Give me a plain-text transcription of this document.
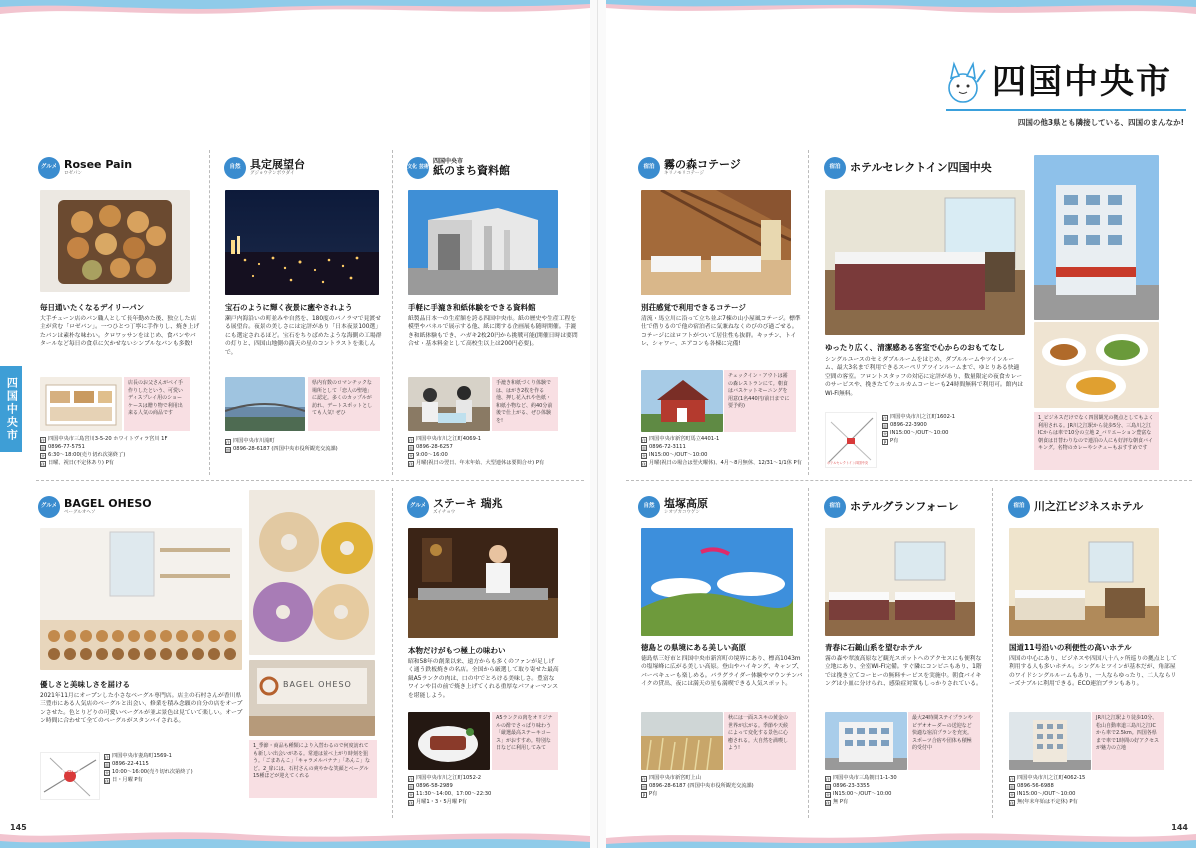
四国中央市
145
グルメ Rosee Pain
ロゼパン
毎日通いたくなるデイリーパン
大手チェーン店のパン職人として長年勤めた後、独立した店主が営む「ロゼパン」。一つひとつ丁寧に手作りし、焼き上げたパンは素朴な味わい。クロワッサンをはじめ、食パンやバタールなど毎日の食卓に欠かせないシンプルなパンも多数!
店長のお父さんがペイ手作りしたという、可愛いディスプレイ用のショーケースは贈り物で利用出来る人気の商品です
住 四国中央市三島宮川3-5-20 ホワイトヴィラ宮川 1F
電 0896-77-5751
営 6:30〜18:00(売り切れ次第終了)
休 日曜、祝日(不定休あり) P有
自然 具定展望台
グジョウテンボウダイ
宝石のように輝く夜景に癒やされよう
瀬戸内海沿いの町並みや自然を、180度のパノラマで見渡せる展望台。夜景の美しさには定評があり「日本夜景100選」にも選定されるほど。宝石をちりばめたような海側の工場群の灯りと、四国山地側の満天の星のコントラストを楽しんで。
県内有数のロマンチックな場所として「恋人の聖地」に認定。多くのカップルが訪れ、デートスポットとしても人気! ぜひ
住 四国中央市川滝町
問 0896-28-6187 (四国中央市役所観光交流課)
文化 芸術
四国中央市
紙のまち資料館
手軽に手漉き和紙体験をできる資料館
紙製品日本一の生産額を誇る四国中央市。紙の歴史や生産工程を模型やパネルで展示する他、紙に関する企画展も随時開催。手漉き和紙体験もでき、ハガキ2枚20円から挑戦可能(開催日時は要問合せ・基本料金として高校生以上は200円必要)。
手漉き和紙づくり体験では、はがき2枚を作る他、押し花入れや色紙・和紙小物など、約40分前後で仕上がる、ぜひ体験を!
住 四国中央市川之江町4069-1
電 0896-28-6257
営 9:00〜16:00
休 月曜(祝日の翌日、年末年始、大型連休は要問合せ) P有
グルメ BAGEL OHESO
ベーグルオヘソ
BAGEL OHESO
優しさと美味しさを届ける
2021年11月にオープンした小さなベーグル専門店。店主の石村さんが香川県三豊市にある人気店のベーグルと出会い、修業を積み念願の自分の店をオープンさせた。色とりどりの可愛いベーグルが並ぶ景色は見ていて楽しい。オープン時間に合わせて全てのベーグルがスタンバイされる。
BAGEL OHESO
住 四国中央市妻鳥町1569-1
電 0896-22-4115
営 10:00〜16:00(売り切れ次第終了)
休 日・月曜 P有
1_季節・商品も種類により入替わるので何度訪れても新しい出会いがある。常連は並べ上がり時刻を狙う。「ごまあんこ」「キャラメルバナナ」「あんこ」など。2_扉には、石村さんの爽やかな笑顔とベーグル15種ほどが迎えてくれる
グルメ ステーキ 瑞兆
ズイチョウ
本物だけがもつ極上の味わい
昭和58年の創業以来、遠方からも多くのファンが足しげく通う鉄板焼きの名店。全国から厳選して取り寄せた最高級A5ランクの肉は、口の中でとろける美味しさ。豊富なワインや目の前で焼き上げてくれる重厚なパフォーマンスを堪能しよう。
A5ランクの肉をオリジナルの酢でさっぱり味わう「厳選最高ステーキコース」がおすすめ。特別な日などに利用してみて
住 四国中央市川之江町1052-2
電 0896-58-2989
営 11:30〜14:00、17:00〜22:30
休 月曜1・3・5月曜 P有
144
四国中央市
四国の他3県とも隣接している、四国のまんなか!
宿泊 霧の森コテージ
キリノモリコテージ
別荘感覚で利用できるコテージ
清流・馬立川に沿って立ち並ぶ7棟の山小屋風コテージ。標準仕で借りるので他の宿泊者に気兼ねなくのびのび過ごせる。コテージにはロフトがついて居住性も抜群。キッチン、トイレ、シャワー、エアコンも各棟に完備!
チェックイン・アウトは霧の森レストランにて。朝食はバスケットモーニングを用意(1名440円/前日までに要予約)
住 四国中央市新宮町馬立4401-1
電 0896-72-3111
営 IN15:00〜/OUT〜10:00
休 月曜(祝日の場合は翌火曜休)、4月〜8月無休、12/31〜1/1休 P有
宿泊 ホテルセレクトイン四国中央
1_ビジネスだけでなく四国観光の拠点としてもよく利用される。JR川之江駅から徒歩5分、三島川之江ICからは車で10分の立地 2_バリエーション豊富な朝食は日替わりなので連泊の人にも好評な朝食バイキング。名物のカレーやシチューもおすすめです
ゆったり広く、清潔感ある客室で心からのおもてなし
シングルユースのセミダブルルームをはじめ、ダブルルームやツインルーム、最大3名まで利用できるスーペリアツインルームまで、ゆとりある快適空間の客室。フロントスタッフの対応に定評があり、数量限定の夜食カレーのサービスや、挽きたてウェルカムコーヒーも24時間無料で利用可。館内はWi-Fi無料。
ホテルセレクトイン四国中央
住 四国中央市川之江町1602-1
電 0896-22-3900
営 IN15:00〜/OUT〜10:00
P P有
自然 塩塚高原
シオヅカコウゲン
徳島との県境にある美しい高原
徳島県三好市と四国中央市新宮町の境界にあり、標高1043mの塩塚峰に広がる美しい高原。登山やハイキング、キャンプ、バーベキューも楽しめる。パラグライダー体験やマウンテンバイクの貸出、夜には満天の星も満喫できる人気スポット。
秋には一面ススキの黄金の世界が広がる。季節や天候によって変化する景色に心癒される。大自然を満喫しよう!
住 四国中央市新宮町上山
問 0896-28-6187 (四国中央市役所観光交流課)
P P有
宿泊 ホテルグランフォーレ
青春に石鎚山系を望むホテル
霧の森や翠波高原など観光スポットへのアクセスにも便利な立地にあり、全室Wi-Fi完備。すぐ隣にコンビニもあり、1階では挽き立てコーヒーの無料サービスを実施中。朝食バイキングは小皿に分けられ、感染症対策もしっかりされている。
最大24時間ステイプランやビデオオーダーの送迎など快適な宿泊プランを充実。スポーツ合宿や団体も積極的受付中
住 四国中央市三島朝日1-1-30
電 0896-23-3355
営 IN15:00〜/OUT〜10:00
休 無 P有
宿泊 川之江ビジネスホテル
国道11号沿いの利便性の高いホテル
四国の中心にあり、ビジネスや四国八十八ヶ所巡りの拠点として利用する人も多いホテル。シングルとツインが基本だが、角部屋のワイドシングルルームもあり、一人ならゆったり、二人ならリーズナブルに利用できる。ECO連泊プランもあり。
JR川之江駅より徒歩10分、松山自動車道三島川之江ICから車で2.5km。四国各県まで車で1時間の好アクセスが魅力の立地
住 四国中央市川之江町4062-15
電 0896-56-6988
営 IN15:00〜/OUT〜10:00
休 無(年末年始は不定休) P有
